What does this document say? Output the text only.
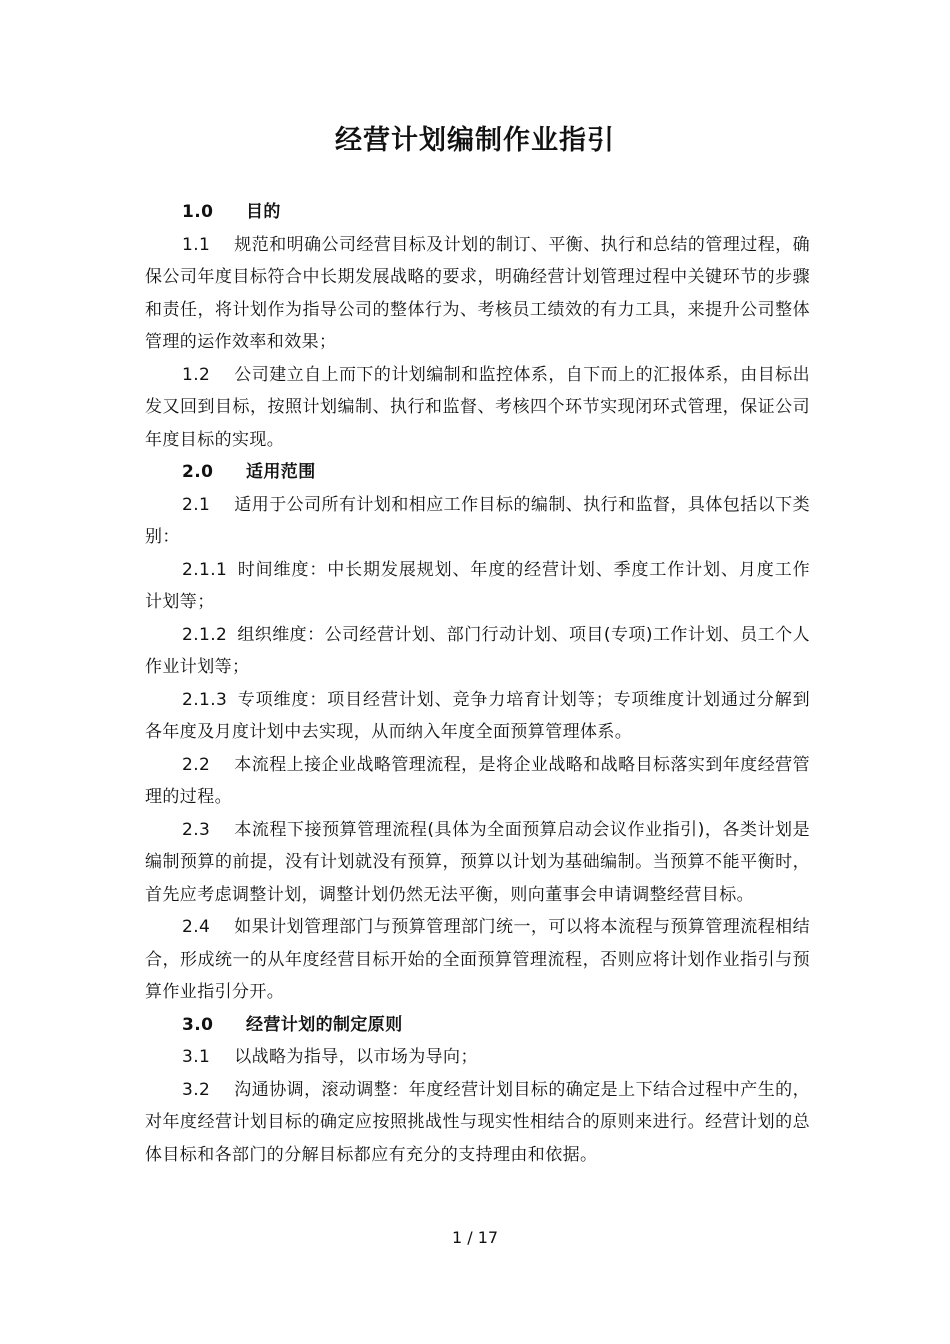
经营计划编制作业指引
1.0 目的
1.1 规范和明确公司经营目标及计划的制订、平衡、执行和总结的管理过程，确保公司年度目标符合中长期发展战略的要求，明确经营计划管理过程中关键环节的步骤和责任，将计划作为指导公司的整体行为、考核员工绩效的有力工具，来提升公司整体管理的运作效率和效果；
1.2 公司建立自上而下的计划编制和监控体系，自下而上的汇报体系，由目标出发又回到目标，按照计划编制、执行和监督、考核四个环节实现闭环式管理，保证公司年度目标的实现。
2.0 适用范围
2.1 适用于公司所有计划和相应工作目标的编制、执行和监督，具体包括以下类别：
2.1.1 时间维度：中长期发展规划、年度的经营计划、季度工作计划、月度工作计划等；
2.1.2 组织维度：公司经营计划、部门行动计划、项目(专项)工作计划、员工个人作业计划等；
2.1.3 专项维度：项目经营计划、竞争力培育计划等；专项维度计划通过分解到各年度及月度计划中去实现，从而纳入年度全面预算管理体系。
2.2 本流程上接企业战略管理流程，是将企业战略和战略目标落实到年度经营管理的过程。
2.3 本流程下接预算管理流程(具体为全面预算启动会议作业指引)，各类计划是编制预算的前提，没有计划就没有预算，预算以计划为基础编制。当预算不能平衡时，首先应考虑调整计划，调整计划仍然无法平衡，则向董事会申请调整经营目标。
2.4 如果计划管理部门与预算管理部门统一，可以将本流程与预算管理流程相结合，形成统一的从年度经营目标开始的全面预算管理流程，否则应将计划作业指引与预算作业指引分开。
3.0 经营计划的制定原则
3.1 以战略为指导，以市场为导向；
3.2 沟通协调，滚动调整：年度经营计划目标的确定是上下结合过程中产生的，对年度经营计划目标的确定应按照挑战性与现实性相结合的原则来进行。经营计划的总体目标和各部门的分解目标都应有充分的支持理由和依据。
1 / 17
